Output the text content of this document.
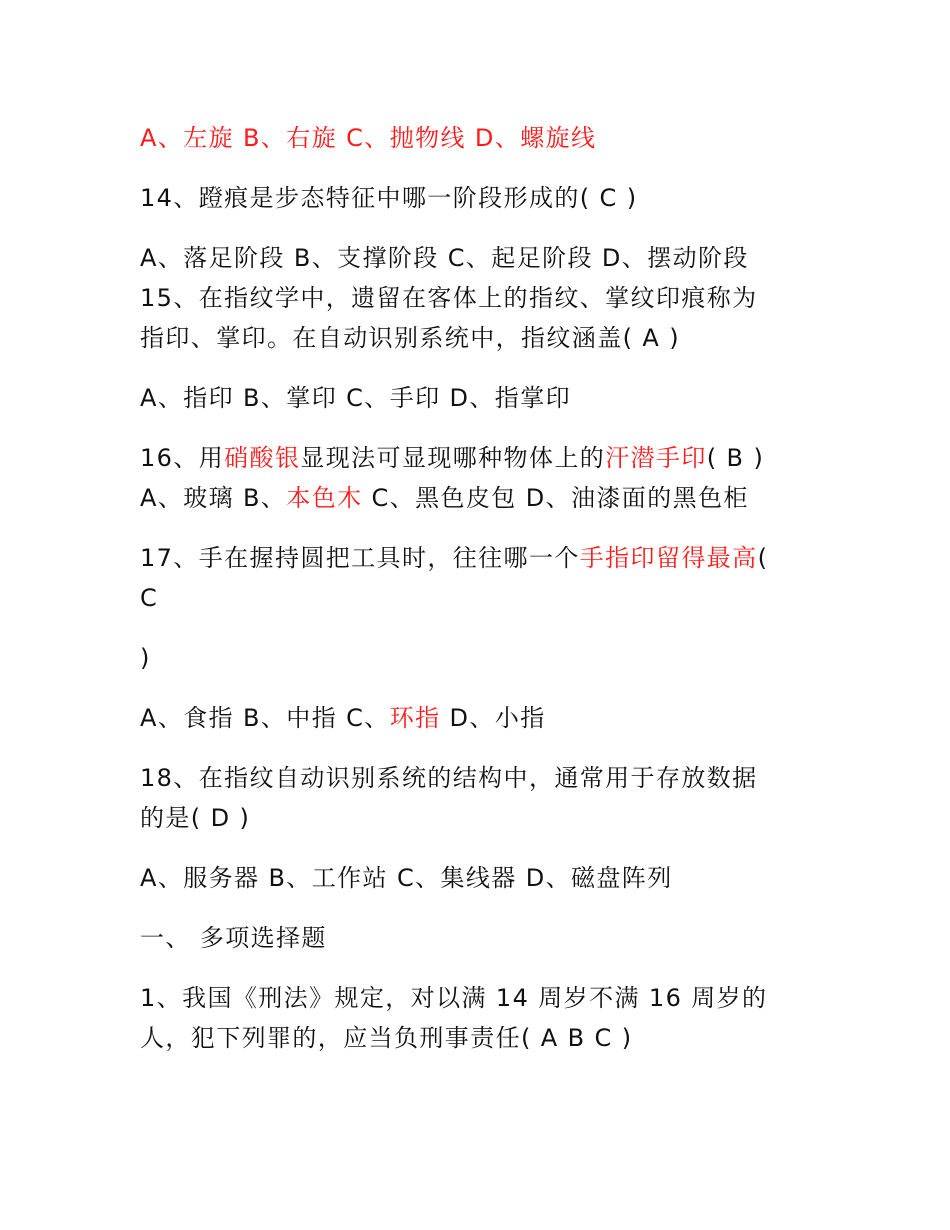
A、左旋 B、右旋 C、抛物线 D、螺旋线
14、蹬痕是步态特征中哪一阶段形成的( C )
A、落足阶段 B、支撑阶段 C、起足阶段 D、摆动阶段
15、在指纹学中，遗留在客体上的指纹、掌纹印痕称为
指印、掌印。在自动识别系统中，指纹涵盖( A )
A、指印 B、掌印 C、手印 D、指掌印
16、用硝酸银显现法可显现哪种物体上的汗潜手印( B )
A、玻璃 B、本色木 C、黑色皮包 D、油漆面的黑色柜
17、手在握持圆把工具时，往往哪一个手指印留得最高(
C
)
A、食指 B、中指 C、环指 D、小指
18、在指纹自动识别系统的结构中，通常用于存放数据
的是( D )
A、服务器 B、工作站 C、集线器 D、磁盘阵列
一、 多项选择题
1、我国《刑法》规定，对以满 14 周岁不满 16 周岁的
人，犯下列罪的，应当负刑事责任( A B C )
